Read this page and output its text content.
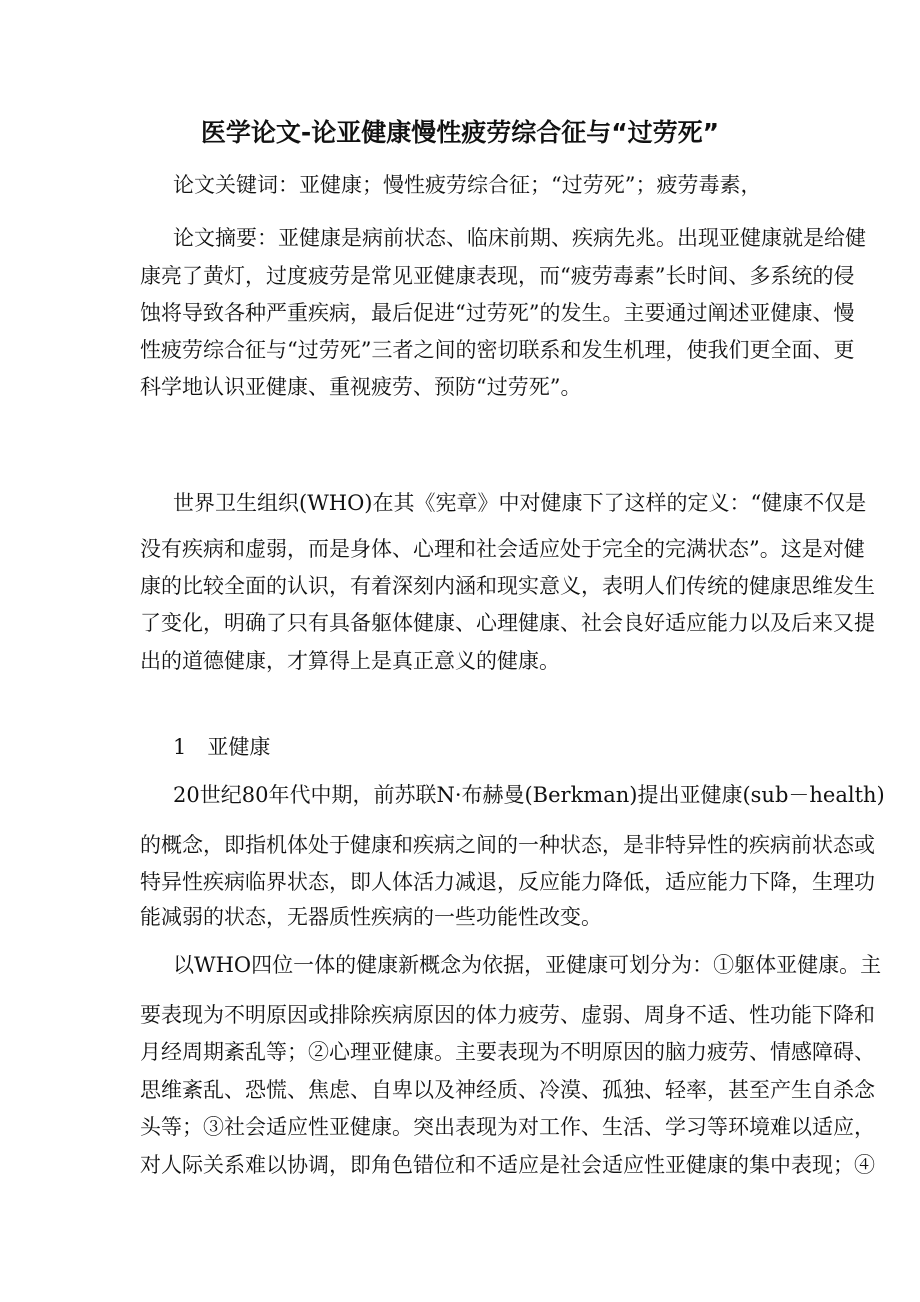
医学论文-论亚健康慢性疲劳综合征与“过劳死”
论文关键词：亚健康；慢性疲劳综合征；“过劳死”；疲劳毒素，
论文摘要：亚健康是病前状态、临床前期、疾病先兆。出现亚健康就是给健
康亮了黄灯，过度疲劳是常见亚健康表现，而“疲劳毒素”长时间、多系统的侵
蚀将导致各种严重疾病，最后促进“过劳死”的发生。主要通过阐述亚健康、慢
性疲劳综合征与“过劳死”三者之间的密切联系和发生机理，使我们更全面、更
科学地认识亚健康、重视疲劳、预防“过劳死”。
世界卫生组织(WHO)在其《宪章》中对健康下了这样的定义：“健康不仅是
没有疾病和虚弱，而是身体、心理和社会适应处于完全的完满状态”。这是对健
康的比较全面的认识，有着深刻内涵和现实意义，表明人们传统的健康思维发生
了变化，明确了只有具备躯体健康、心理健康、社会良好适应能力以及后来又提
出的道德健康，才算得上是真正意义的健康。
1　亚健康
20世纪80年代中期，前苏联N·布赫曼(Berkman)提出亚健康(sub－health)
的概念，即指机体处于健康和疾病之间的一种状态，是非特异性的疾病前状态或
特异性疾病临界状态，即人体活力减退，反应能力降低，适应能力下降，生理功
能减弱的状态，无器质性疾病的一些功能性改变。
以WHO四位一体的健康新概念为依据，亚健康可划分为：①躯体亚健康。主
要表现为不明原因或排除疾病原因的体力疲劳、虚弱、周身不适、性功能下降和
月经周期紊乱等；②心理亚健康。主要表现为不明原因的脑力疲劳、情感障碍、
思维紊乱、恐慌、焦虑、自卑以及神经质、冷漠、孤独、轻率，甚至产生自杀念
头等；③社会适应性亚健康。突出表现为对工作、生活、学习等环境难以适应，
对人际关系难以协调，即角色错位和不适应是社会适应性亚健康的集中表现；④
